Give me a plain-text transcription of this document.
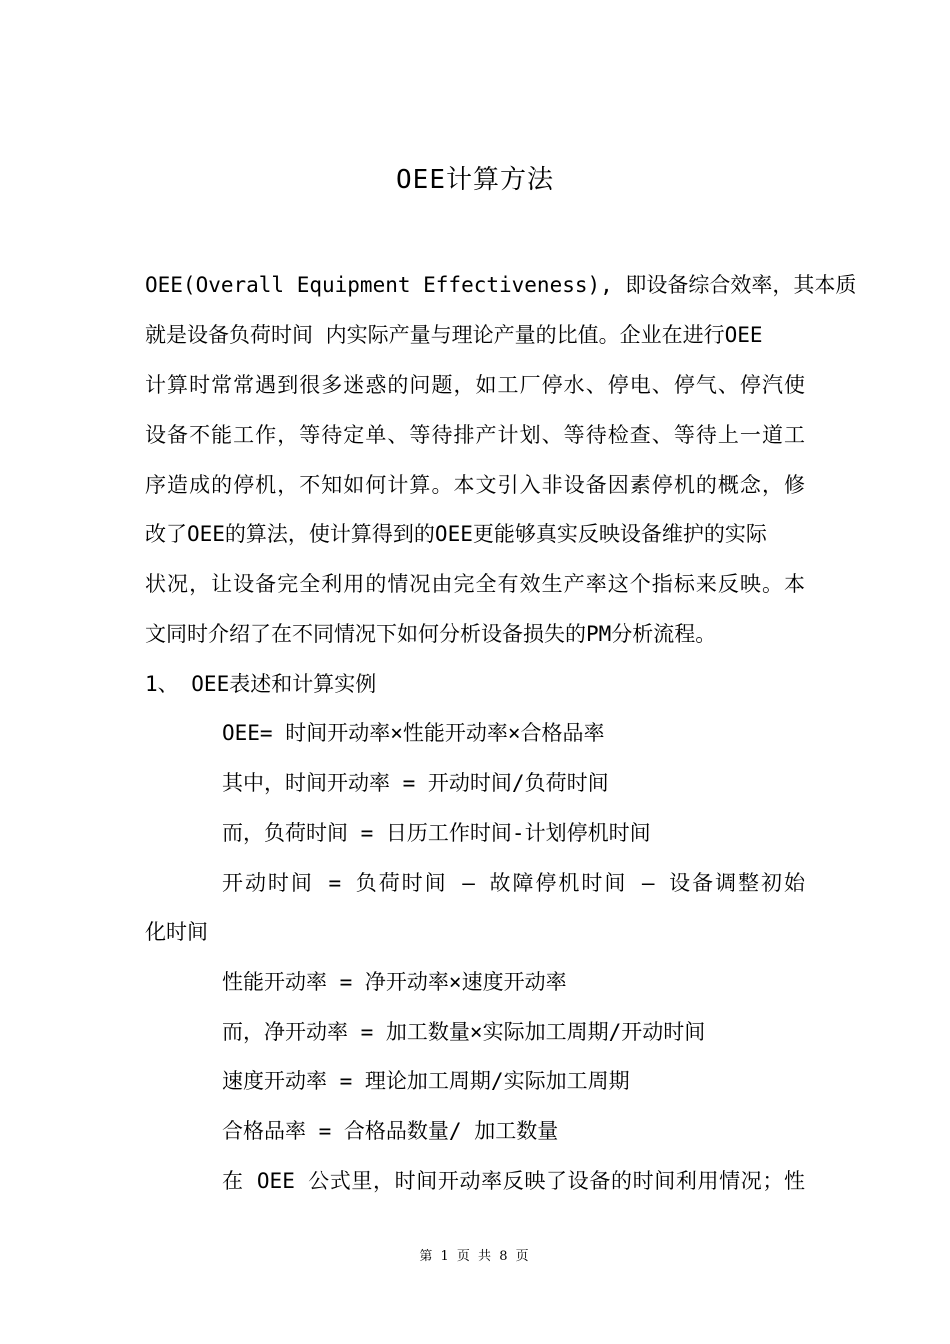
OEE计算方法
OEE(Overall Equipment Effectiveness), 即设备综合效率，其本质
就是设备负荷时间 内实际产量与理论产量的比值。企业在进行OEE
计算时常常遇到很多迷惑的问题，如工厂停水、停电、停气、停汽使
设备不能工作，等待定单、等待排产计划、等待检查、等待上一道工
序造成的停机，不知如何计算。本文引入非设备因素停机的概念，修
改了OEE的算法，使计算得到的OEE更能够真实反映设备维护的实际
状况，让设备完全利用的情况由完全有效生产率这个指标来反映。本
文同时介绍了在不同情况下如何分析设备损失的PM分析流程。
1、 OEE表述和计算实例
OEE= 时间开动率×性能开动率×合格品率
其中，时间开动率 = 开动时间/负荷时间
而，负荷时间 = 日历工作时间-计划停机时间
开动时间 = 负荷时间 – 故障停机时间 – 设备调整初始
化时间
性能开动率 = 净开动率×速度开动率
而，净开动率 = 加工数量×实际加工周期/开动时间
速度开动率 = 理论加工周期/实际加工周期
合格品率 = 合格品数量/ 加工数量
在 OEE 公式里，时间开动率反映了设备的时间利用情况；性
第 1 页 共 8 页
